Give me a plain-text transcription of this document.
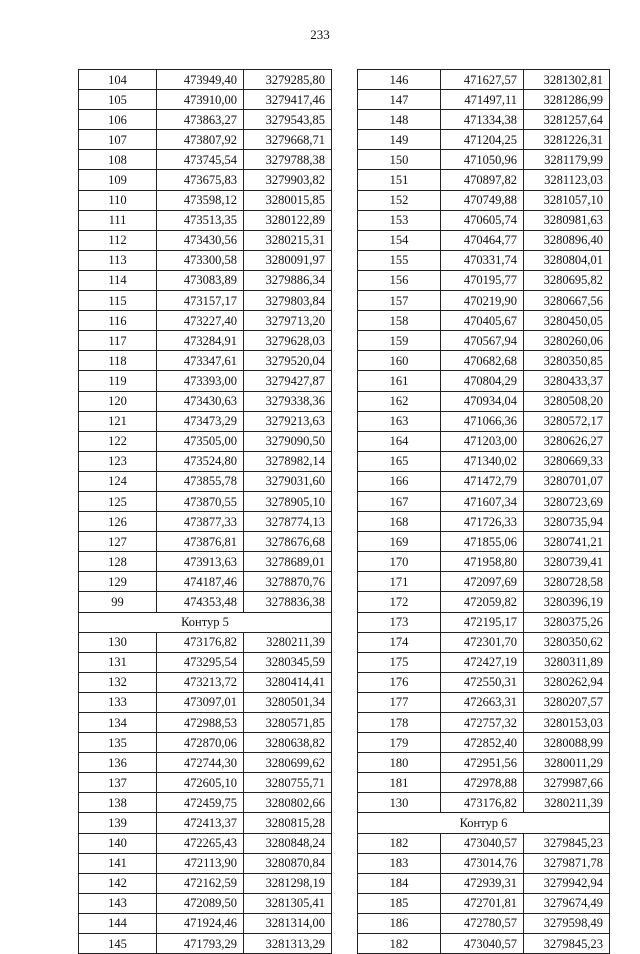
233
104	473949,40	3279285,80
105	473910,00	3279417,46
106	473863,27	3279543,85
107	473807,92	3279668,71
108	473745,54	3279788,38
109	473675,83	3279903,82
110	473598,12	3280015,85
111	473513,35	3280122,89
112	473430,56	3280215,31
113	473300,58	3280091,97
114	473083,89	3279886,34
115	473157,17	3279803,84
116	473227,40	3279713,20
117	473284,91	3279628,03
118	473347,61	3279520,04
119	473393,00	3279427,87
120	473430,63	3279338,36
121	473473,29	3279213,63
122	473505,00	3279090,50
123	473524,80	3278982,14
124	473855,78	3279031,60
125	473870,55	3278905,10
126	473877,33	3278774,13
127	473876,81	3278676,68
128	473913,63	3278689,01
129	474187,46	3278870,76
99	474353,48	3278836,38
Контур 5		
130	473176,82	3280211,39
131	473295,54	3280345,59
132	473213,72	3280414,41
133	473097,01	3280501,34
134	472988,53	3280571,85
135	472870,06	3280638,82
136	472744,30	3280699,62
137	472605,10	3280755,71
138	472459,75	3280802,66
139	472413,37	3280815,28
140	472265,43	3280848,24
141	472113,90	3280870,84
142	472162,59	3281298,19
143	472089,50	3281305,41
144	471924,46	3281314,00
145	471793,29	3281313,29
146	471627,57	3281302,81
147	471497,11	3281286,99
148	471334,38	3281257,64
149	471204,25	3281226,31
150	471050,96	3281179,99
151	470897,82	3281123,03
152	470749,88	3281057,10
153	470605,74	3280981,63
154	470464,77	3280896,40
155	470331,74	3280804,01
156	470195,77	3280695,82
157	470219,90	3280667,56
158	470405,67	3280450,05
159	470567,94	3280260,06
160	470682,68	3280350,85
161	470804,29	3280433,37
162	470934,04	3280508,20
163	471066,36	3280572,17
164	471203,00	3280626,27
165	471340,02	3280669,33
166	471472,79	3280701,07
167	471607,34	3280723,69
168	471726,33	3280735,94
169	471855,06	3280741,21
170	471958,80	3280739,41
171	472097,69	3280728,58
172	472059,82	3280396,19
173	472195,17	3280375,26
174	472301,70	3280350,62
175	472427,19	3280311,89
176	472550,31	3280262,94
177	472663,31	3280207,57
178	472757,32	3280153,03
179	472852,40	3280088,99
180	472951,56	3280011,29
181	472978,88	3279987,66
130	473176,82	3280211,39
Контур 6		
182	473040,57	3279845,23
183	473014,76	3279871,78
184	472939,31	3279942,94
185	472701,81	3279674,49
186	472780,57	3279598,49
182	473040,57	3279845,23
